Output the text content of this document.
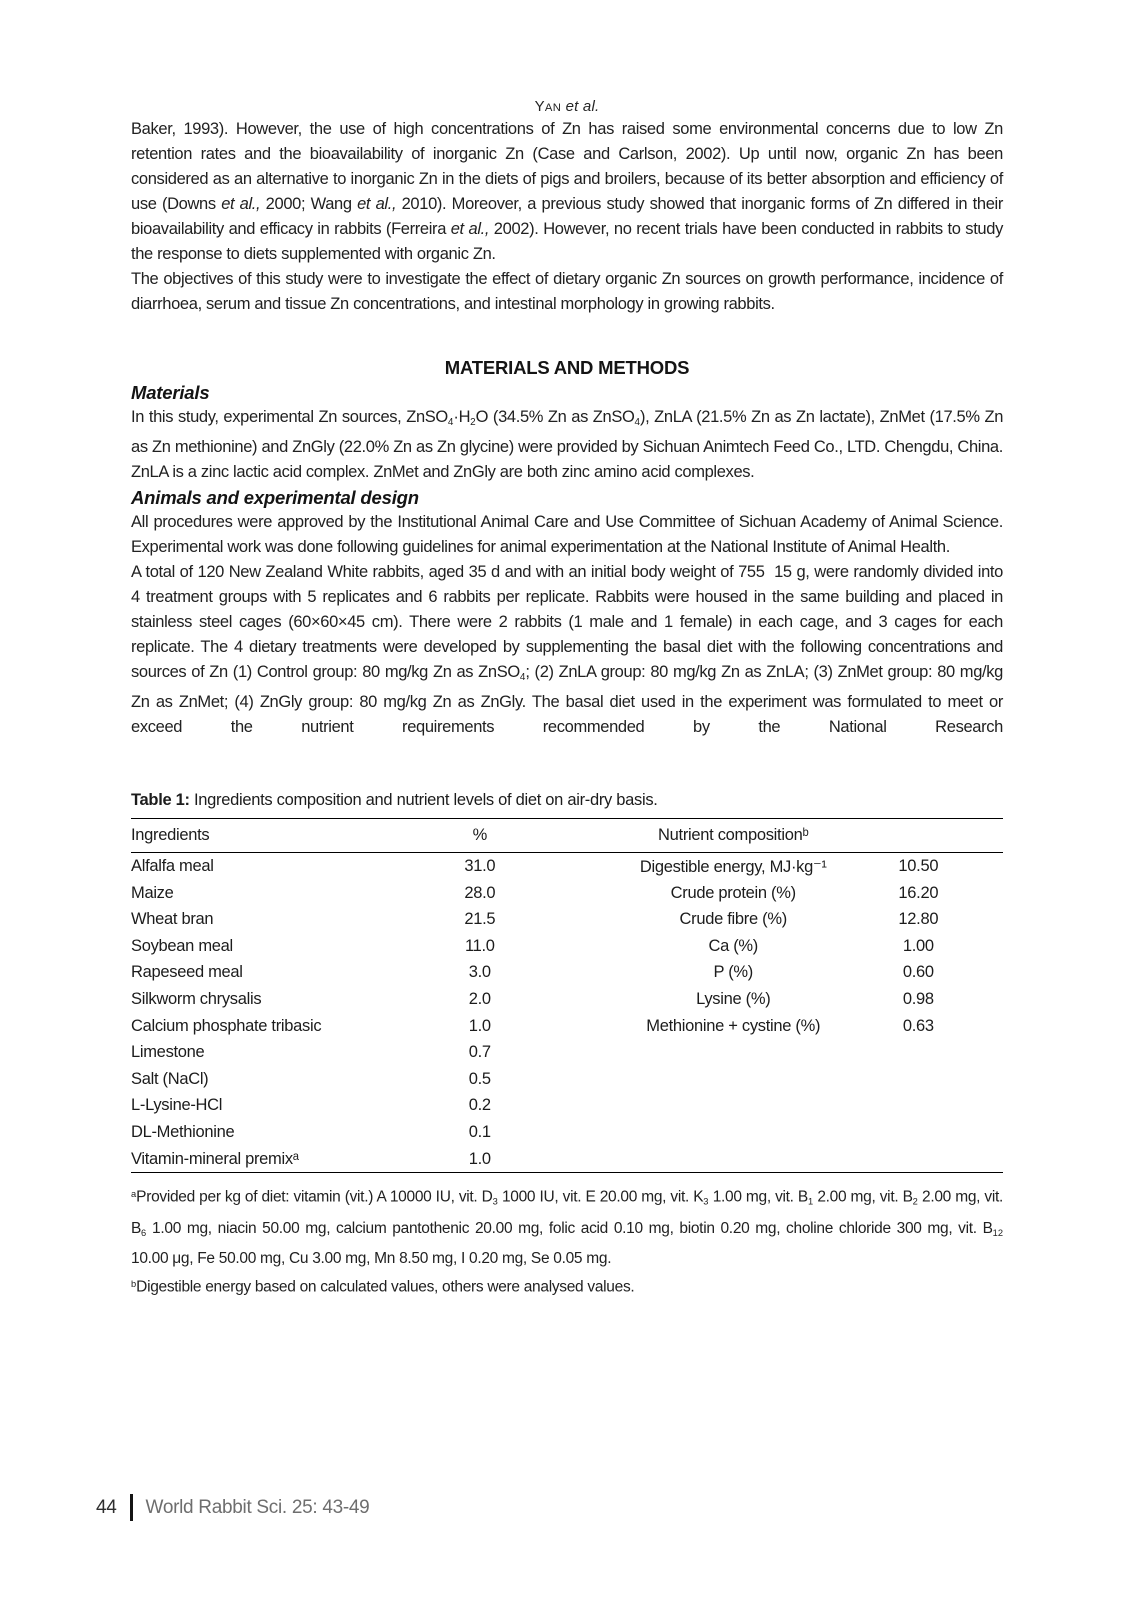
YAN et al.

Baker, 1993). However, the use of high concentrations of Zn has raised some environmental concerns due to low Zn retention rates and the bioavailability of inorganic Zn (Case and Carlson, 2002). Up until now, organic Zn has been considered as an alternative to inorganic Zn in the diets of pigs and broilers, because of its better absorption and efficiency of use (Downs et al., 2000; Wang et al., 2010). Moreover, a previous study showed that inorganic forms of Zn differed in their bioavailability and efficacy in rabbits (Ferreira et al., 2002). However, no recent trials have been conducted in rabbits to study the response to diets supplemented with organic Zn.

The objectives of this study were to investigate the effect of dietary organic Zn sources on growth performance, incidence of diarrhoea, serum and tissue Zn concentrations, and intestinal morphology in growing rabbits.

MATERIALS AND METHODS
Materials

In this study, experimental Zn sources, ZnSO4·H2O (34.5% Zn as ZnSO4), ZnLA (21.5% Zn as Zn lactate), ZnMet (17.5% Zn as Zn methionine) and ZnGly (22.0% Zn as Zn glycine) were provided by Sichuan Animtech Feed Co., LTD. Chengdu, China. ZnLA is a zinc lactic acid complex. ZnMet and ZnGly are both zinc amino acid complexes.

Animals and experimental design

All procedures were approved by the Institutional Animal Care and Use Committee of Sichuan Academy of Animal Science. Experimental work was done following guidelines for animal experimentation at the National Institute of Animal Health.

A total of 120 New Zealand White rabbits, aged 35 d and with an initial body weight of 755  15 g, were randomly divided into 4 treatment groups with 5 replicates and 6 rabbits per replicate. Rabbits were housed in the same building and placed in stainless steel cages (60×60×45 cm). There were 2 rabbits (1 male and 1 female) in each cage, and 3 cages for each replicate. The 4 dietary treatments were developed by supplementing the basal diet with the following concentrations and sources of Zn (1) Control group: 80 mg/kg Zn as ZnSO4; (2) ZnLA group: 80 mg/kg Zn as ZnLA; (3) ZnMet group: 80 mg/kg Zn as ZnMet; (4) ZnGly group: 80 mg/kg Zn as ZnGly. The basal diet used in the experiment was formulated to meet or exceed the nutrient requirements recommended by the National Research

Table 1: Ingredients composition and nutrient levels of diet on air-dry basis.

Ingredients	%	Nutrient compositionᵇ	
Alfalfa meal	31.0	Digestible energy, MJ·kg⁻¹	10.50
Maize	28.0	Crude protein (%)	16.20
Wheat bran	21.5	Crude fibre (%)	12.80
Soybean meal	11.0	Ca (%)	1.00
Rapeseed meal	3.0	P (%)	0.60
Silkworm chrysalis	2.0	Lysine (%)	0.98
Calcium phosphate tribasic	1.0	Methionine + cystine (%)	0.63
Limestone	0.7		
Salt (NaCl)	0.5		
L-Lysine-HCl	0.2		
DL-Methionine	0.1		
Vitamin-mineral premixᵃ	1.0		

$^a$Provided per kg of diet: vitamin (vit.) A 10000 IU, vit. D3 1000 IU, vit. E 20.00 mg, vit. K3 1.00 mg, vit. B1 2.00 mg, vit. B2 2.00 mg, vit. B6 1.00 mg, niacin 50.00 mg, calcium pantothenic 20.00 mg, folic acid 0.10 mg, biotin 0.20 mg, choline chloride 300 mg, vit. B12 10.00 μg, Fe 50.00 mg, Cu 3.00 mg, Mn 8.50 mg, I 0.20 mg, Se 0.05 mg.

$^b$Digestible energy based on calculated values, others were analysed values.

44 World Rabbit Sci. 25: 43-49
